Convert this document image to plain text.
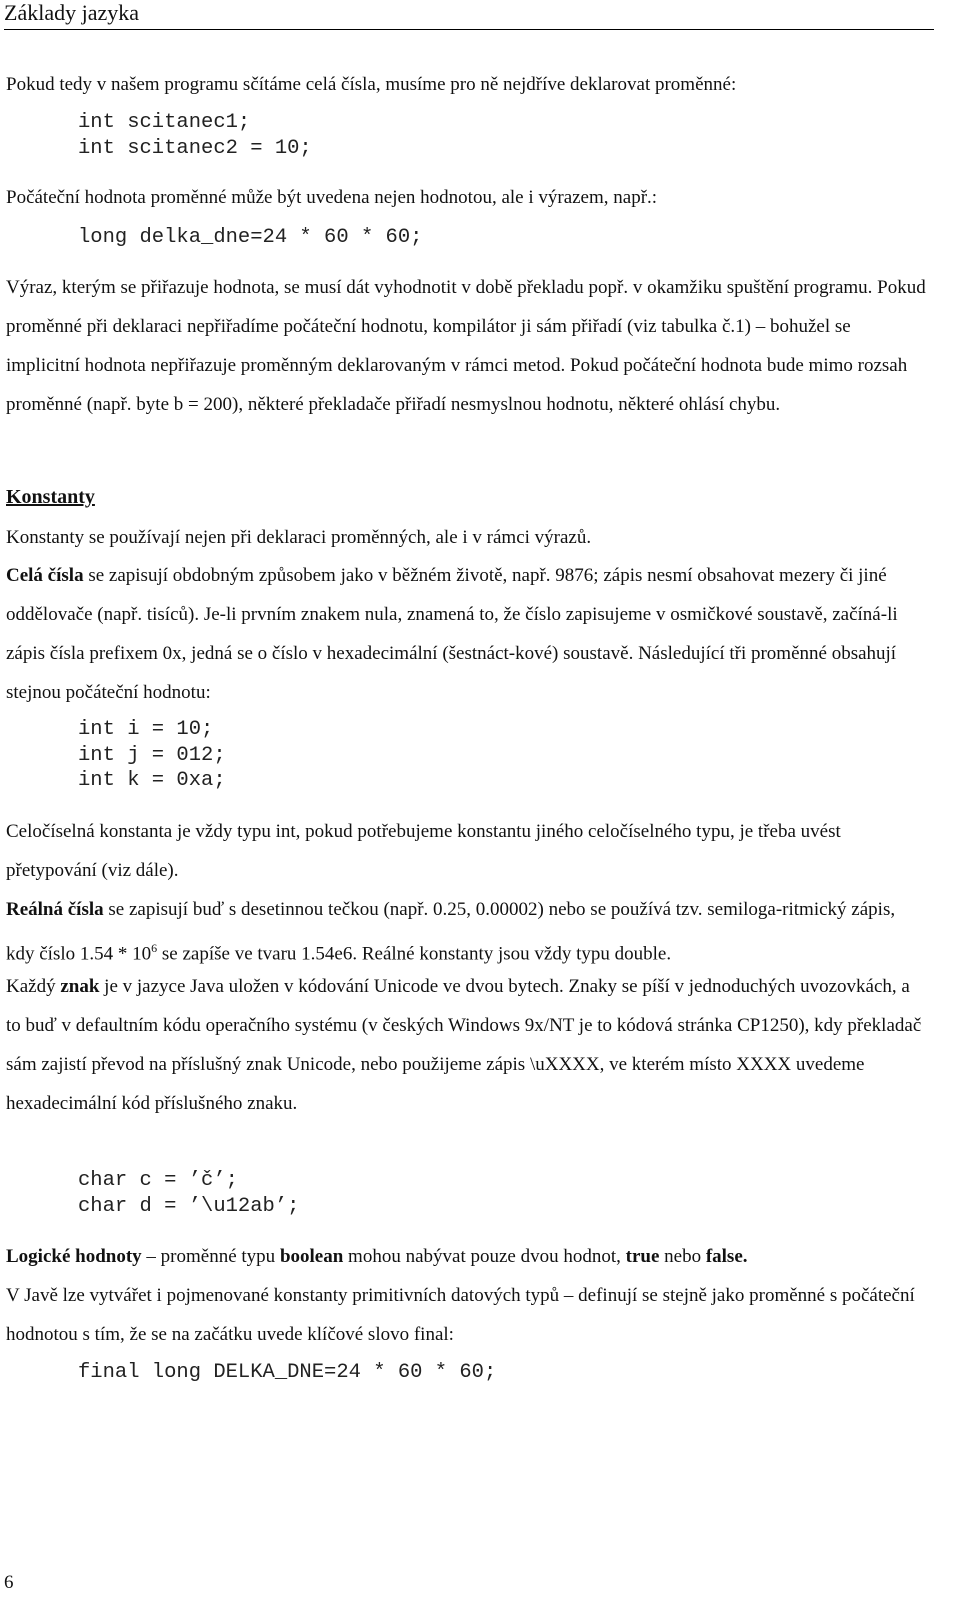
Základy jazyka

Pokud tedy v našem programu sčítáme celá čísla, musíme pro ně nejdříve deklarovat proměnné:

int scitanec1;
int scitanec2 = 10;

Počáteční hodnota proměnné může být uvedena nejen hodnotou, ale i výrazem, např.:

long delka_dne=24 * 60 * 60;

Výraz, kterým se přiřazuje hodnota, se musí dát vyhodnotit v době překladu popř. v okamžiku spuštění programu. Pokud proměnné při deklaraci nepřiřadíme počáteční hodnotu, kompilátor ji sám přiřadí (viz tabulka č.1) – bohužel se implicitní hodnota nepřiřazuje proměnným deklarovaným v rámci metod. Pokud počáteční hodnota bude mimo rozsah proměnné (např. byte b = 200), některé překladače přiřadí nesmyslnou hodnotu, některé ohlásí chybu.

Konstanty

Konstanty se používají nejen při deklaraci proměnných, ale i v rámci výrazů.

Celá čísla se zapisují obdobným způsobem jako v běžném životě, např. 9876; zápis nesmí obsahovat mezery či jiné oddělovače (např. tisíců). Je-li prvním znakem nula, znamená to, že číslo zapisujeme v osmičkové soustavě, začíná-li zápis čísla prefixem 0x, jedná se o číslo v hexadecimální (šestnáct-kové) soustavě. Následující tři proměnné obsahují stejnou počáteční hodnotu:

int i = 10;
int j = 012;
int k = 0xa;

Celočíselná konstanta je vždy typu int, pokud potřebujeme konstantu jiného celočíselného typu, je třeba uvést přetypování (viz dále).

Reálná čísla se zapisují buď s desetinnou tečkou (např. 0.25, 0.00002) nebo se používá tzv. semiloga-ritmický zápis, kdy číslo $1.54 * 10^6$ se zapíše ve tvaru 1.54e6. Reálné konstanty jsou vždy typu double.

Každý znak je v jazyce Java uložen v kódování Unicode ve dvou bytech. Znaky se píší v jednoduchých uvozovkách, a to buď v defaultním kódu operačního systému (v českých Windows 9x/NT je to kódová stránka CP1250), kdy překladač sám zajistí převod na příslušný znak Unicode, nebo použijeme zápis \uXXXX, ve kterém místo XXXX uvedeme hexadecimální kód příslušného znaku.

char c = ’č’;
char d = ’\u12ab’;

Logické hodnoty – proměnné typu boolean mohou nabývat pouze dvou hodnot, true nebo false.

V Javě lze vytvářet i pojmenované konstanty primitivních datových typů – definují se stejně jako proměnné s počáteční hodnotou s tím, že se na začátku uvede klíčové slovo final:

final long DELKA_DNE=24 * 60 * 60;
6
